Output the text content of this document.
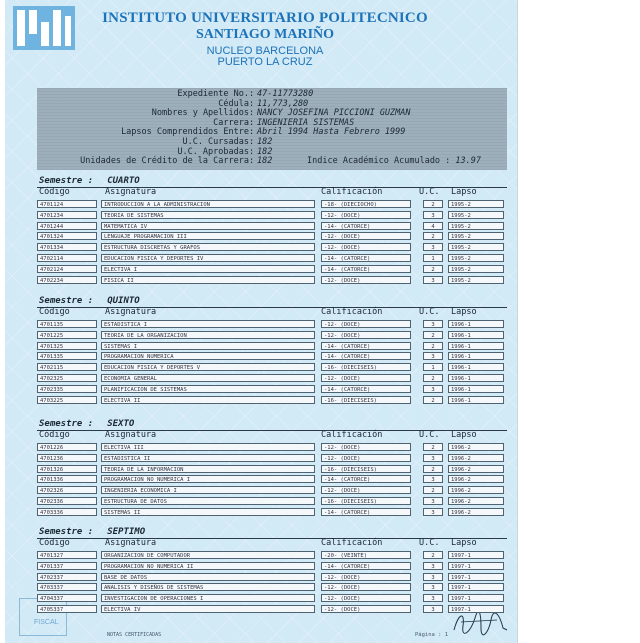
INSTITUTO UNIVERSITARIO POLITECNICO
SANTIAGO MARIÑO
NUCLEO BARCELONA
PUERTO LA CRUZ
FISCAL
NOTAS CERTIFICADAS	Página : 1
Expediente No. : 47-11773280
Cédula : 11,773,280
Nombres y Apellidos : NANCY JOSEFINA PICCIONI GUZMAN
Carrera : INGENIERIA SISTEMAS
Lapsos Comprendidos Entre : Abril 1994 Hasta Febrero 1999
U.C. Cursadas : 182
U.C. Aprobadas : 182
Unidades de Crédito de la Carrera : 182	Indice Académico Acumulado : 13.97
Semestre : CUARTO
Código	Asignatura	Calificación	U.C. Lapso
4701124	INTRODUCCION A LA ADMINISTRACION	-18- (DIECIOCHO)	2	1995-2
4701234	TEORIA DE SISTEMAS	-12- (DOCE)	3	1995-2
4701244	MATEMATICA IV	-14- (CATORCE)	4	1995-2
4701324	LENGUAJE PROGRAMACION III	-12- (DOCE)	2	1995-2
4701334	ESTRUCTURA DISCRETAS Y GRAFOS	-12- (DOCE)	3	1995-2
4702114	EDUCACION FISICA Y DEPORTES IV	-14- (CATORCE)	1	1995-2
4702124	ELECTIVA I	-14- (CATORCE)	2	1995-2
4702234	FISICA II	-12- (DOCE)	3	1995-2
Semestre : QUINTO
Código	Asignatura	Calificación	U.C. Lapso
4701135	ESTADISTICA I	-12- (DOCE)	3	1996-1
4701225	TEORIA DE LA ORGANIZACION	-12- (DOCE)	2	1996-1
4701325	SISTEMAS I	-14- (CATORCE)	2	1996-1
4701335	PROGRAMACION NUMERICA	-14- (CATORCE)	3	1996-1
4702115	EDUCACION FISICA Y DEPORTES V	-16- (DIECISEIS)	1	1996-1
4702325	ECONOMIA GENERAL	-12- (DOCE)	2	1996-1
4702335	PLANIFICACION DE SISTEMAS	-14- (CATORCE)	3	1996-1
4703225	ELECTIVA II	-16- (DIECISEIS)	2	1996-1
Semestre : SEXTO
Código	Asignatura	Calificación	U.C. Lapso
4701226	ELECTIVA III	-12- (DOCE)	2	1996-2
4701236	ESTADISTICA II	-12- (DOCE)	3	1996-2
4701326	TEORIA DE LA INFORMACION	-16- (DIECISEIS)	2	1996-2
4701336	PROGRAMACION NO NUMERICA I	-14- (CATORCE)	3	1996-2
4702326	INGENIERIA ECONOMICA I	-12- (DOCE)	2	1996-2
4702336	ESTRUCTURA DE DATOS	-16- (DIECISEIS)	3	1996-2
4703336	SISTEMAS II	-14- (CATORCE)	3	1996-2
Semestre : SEPTIMO
Código	Asignatura	Calificación	U.C. Lapso
4701327	ORGANIZACION DE COMPUTADOR	-20- (VEINTE)	2	1997-1
4701337	PROGRAMACION NO NUMERICA II	-14- (CATORCE)	3	1997-1
4702337	BASE DE DATOS	-12- (DOCE)	3	1997-1
4703337	ANALISIS Y DISEÑOS DE SISTEMAS	-12- (DOCE)	3	1997-1
4704337	INVESTIGACION DE OPERACIONES I	-12- (DOCE)	3	1997-1
4705337	ELECTIVA IV	-12- (DOCE)	3	1997-1
